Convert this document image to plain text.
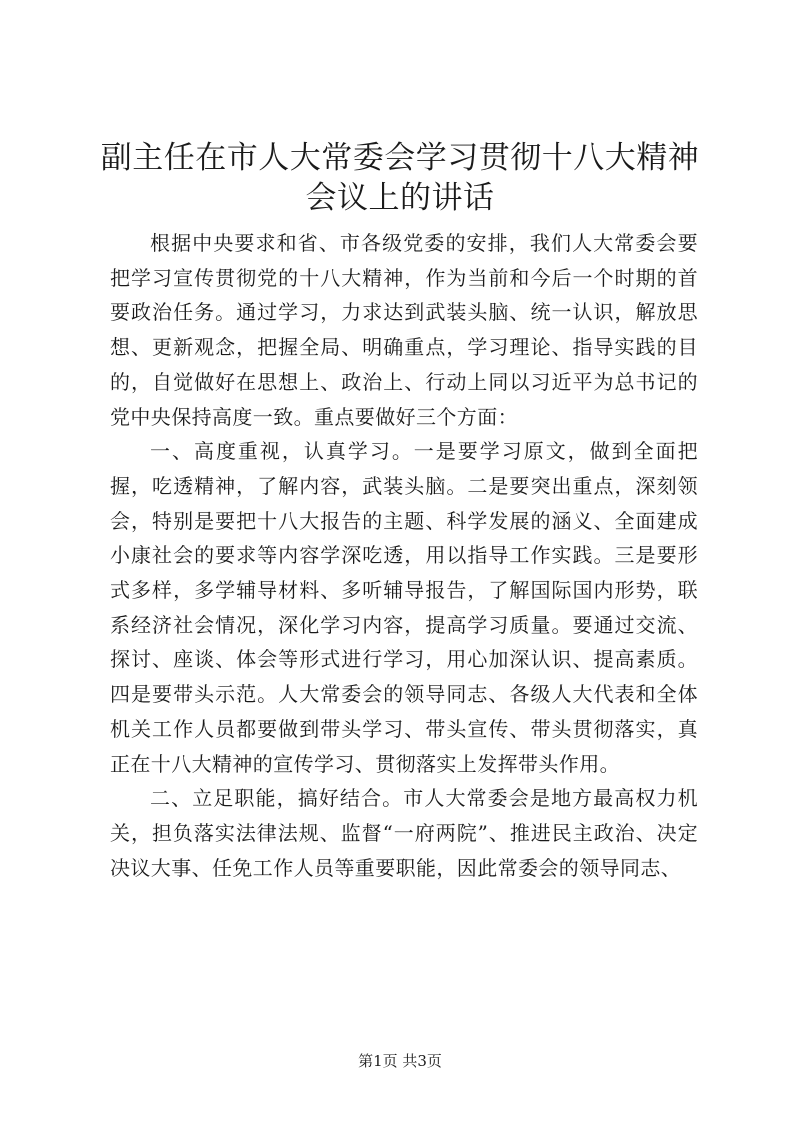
副主任在市人大常委会学习贯彻十八大精神会议上的讲话

根据中央要求和省、市各级党委的安排，我们人大常委会要把学习宣传贯彻党的十八大精神，作为当前和今后一个时期的首要政治任务。通过学习，力求达到武装头脑、统一认识，解放思想、更新观念，把握全局、明确重点，学习理论、指导实践的目的，自觉做好在思想上、政治上、行动上同以习近平为总书记的党中央保持高度一致。重点要做好三个方面：

一、高度重视，认真学习。一是要学习原文，做到全面把握，吃透精神，了解内容，武装头脑。二是要突出重点，深刻领会，特别是要把十八大报告的主题、科学发展的涵义、全面建成小康社会的要求等内容学深吃透，用以指导工作实践。三是要形式多样，多学辅导材料、多听辅导报告，了解国际国内形势，联系经济社会情况，深化学习内容，提高学习质量。要通过交流、探讨、座谈、体会等形式进行学习，用心加深认识、提高素质。四是要带头示范。人大常委会的领导同志、各级人大代表和全体机关工作人员都要做到带头学习、带头宣传、带头贯彻落实，真正在十八大精神的宣传学习、贯彻落实上发挥带头作用。

二、立足职能，搞好结合。市人大常委会是地方最高权力机关，担负落实法律法规、监督“一府两院”、推进民主政治、决定决议大事、任免工作人员等重要职能，因此常委会的领导同志、

第1页 共3页
